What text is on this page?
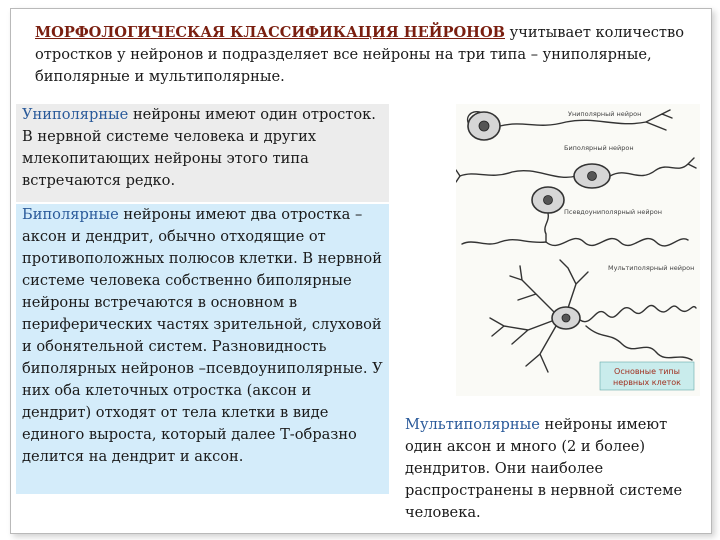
МОРФОЛОГИЧЕСКАЯ КЛАССИФИКАЦИЯ НЕЙРОНОВ учитывает количество отростков у нейронов и подразделяет все нейроны на три типа – униполярные, биполярные и мультиполярные.

Униполярные нейроны имеют один отросток. В нервной системе человека и других млекопитающих нейроны этого типа встречаются редко.
Биполярные нейроны имеют два отростка – аксон и дендрит, обычно отходящие от противоположных полюсов клетки. В нервной системе человека собственно биполярные нейроны встречаются в основном в периферических частях зрительной, слуховой и обонятельной систем. Разновидность биполярных нейронов –псевдоуниполярные. У них оба клеточных отростка (аксон и дендрит) отходят от тела клетки в виде единого выроста, который далее Т-образно делится на дендрит и аксон.
Униполярный нейрон
Биполярный нейрон
Псевдоуниполярный нейрон
Мультиполярный нейрон
Основные типы
нервных клеток
Мультиполярные нейроны имеют один аксон и много (2 и более) дендритов. Они наиболее распространены в нервной системе человека.
